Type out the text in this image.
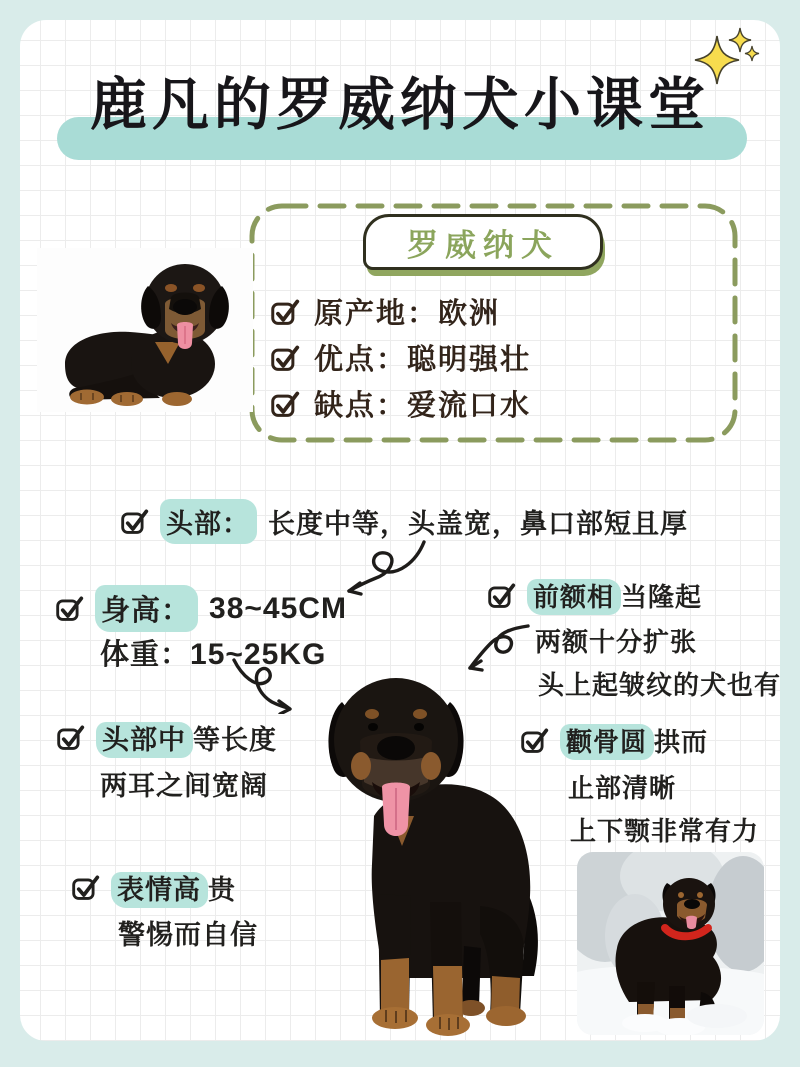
鹿凡的罗威纳犬小课堂
罗威纳犬
原产地：欧洲
优点：聪明强壮
缺点：爱流口水
头部： 长度中等，头盖宽，鼻口部短且厚
身高： 38~45CM
体重：15~25KG
前额相 当隆起
两额十分扩张
头上起皱纹的犬也有
头部中 等长度
两耳之间宽阔
颧骨圆 拱而
止部清晰
上下颚非常有力
表情高 贵
警惕而自信
